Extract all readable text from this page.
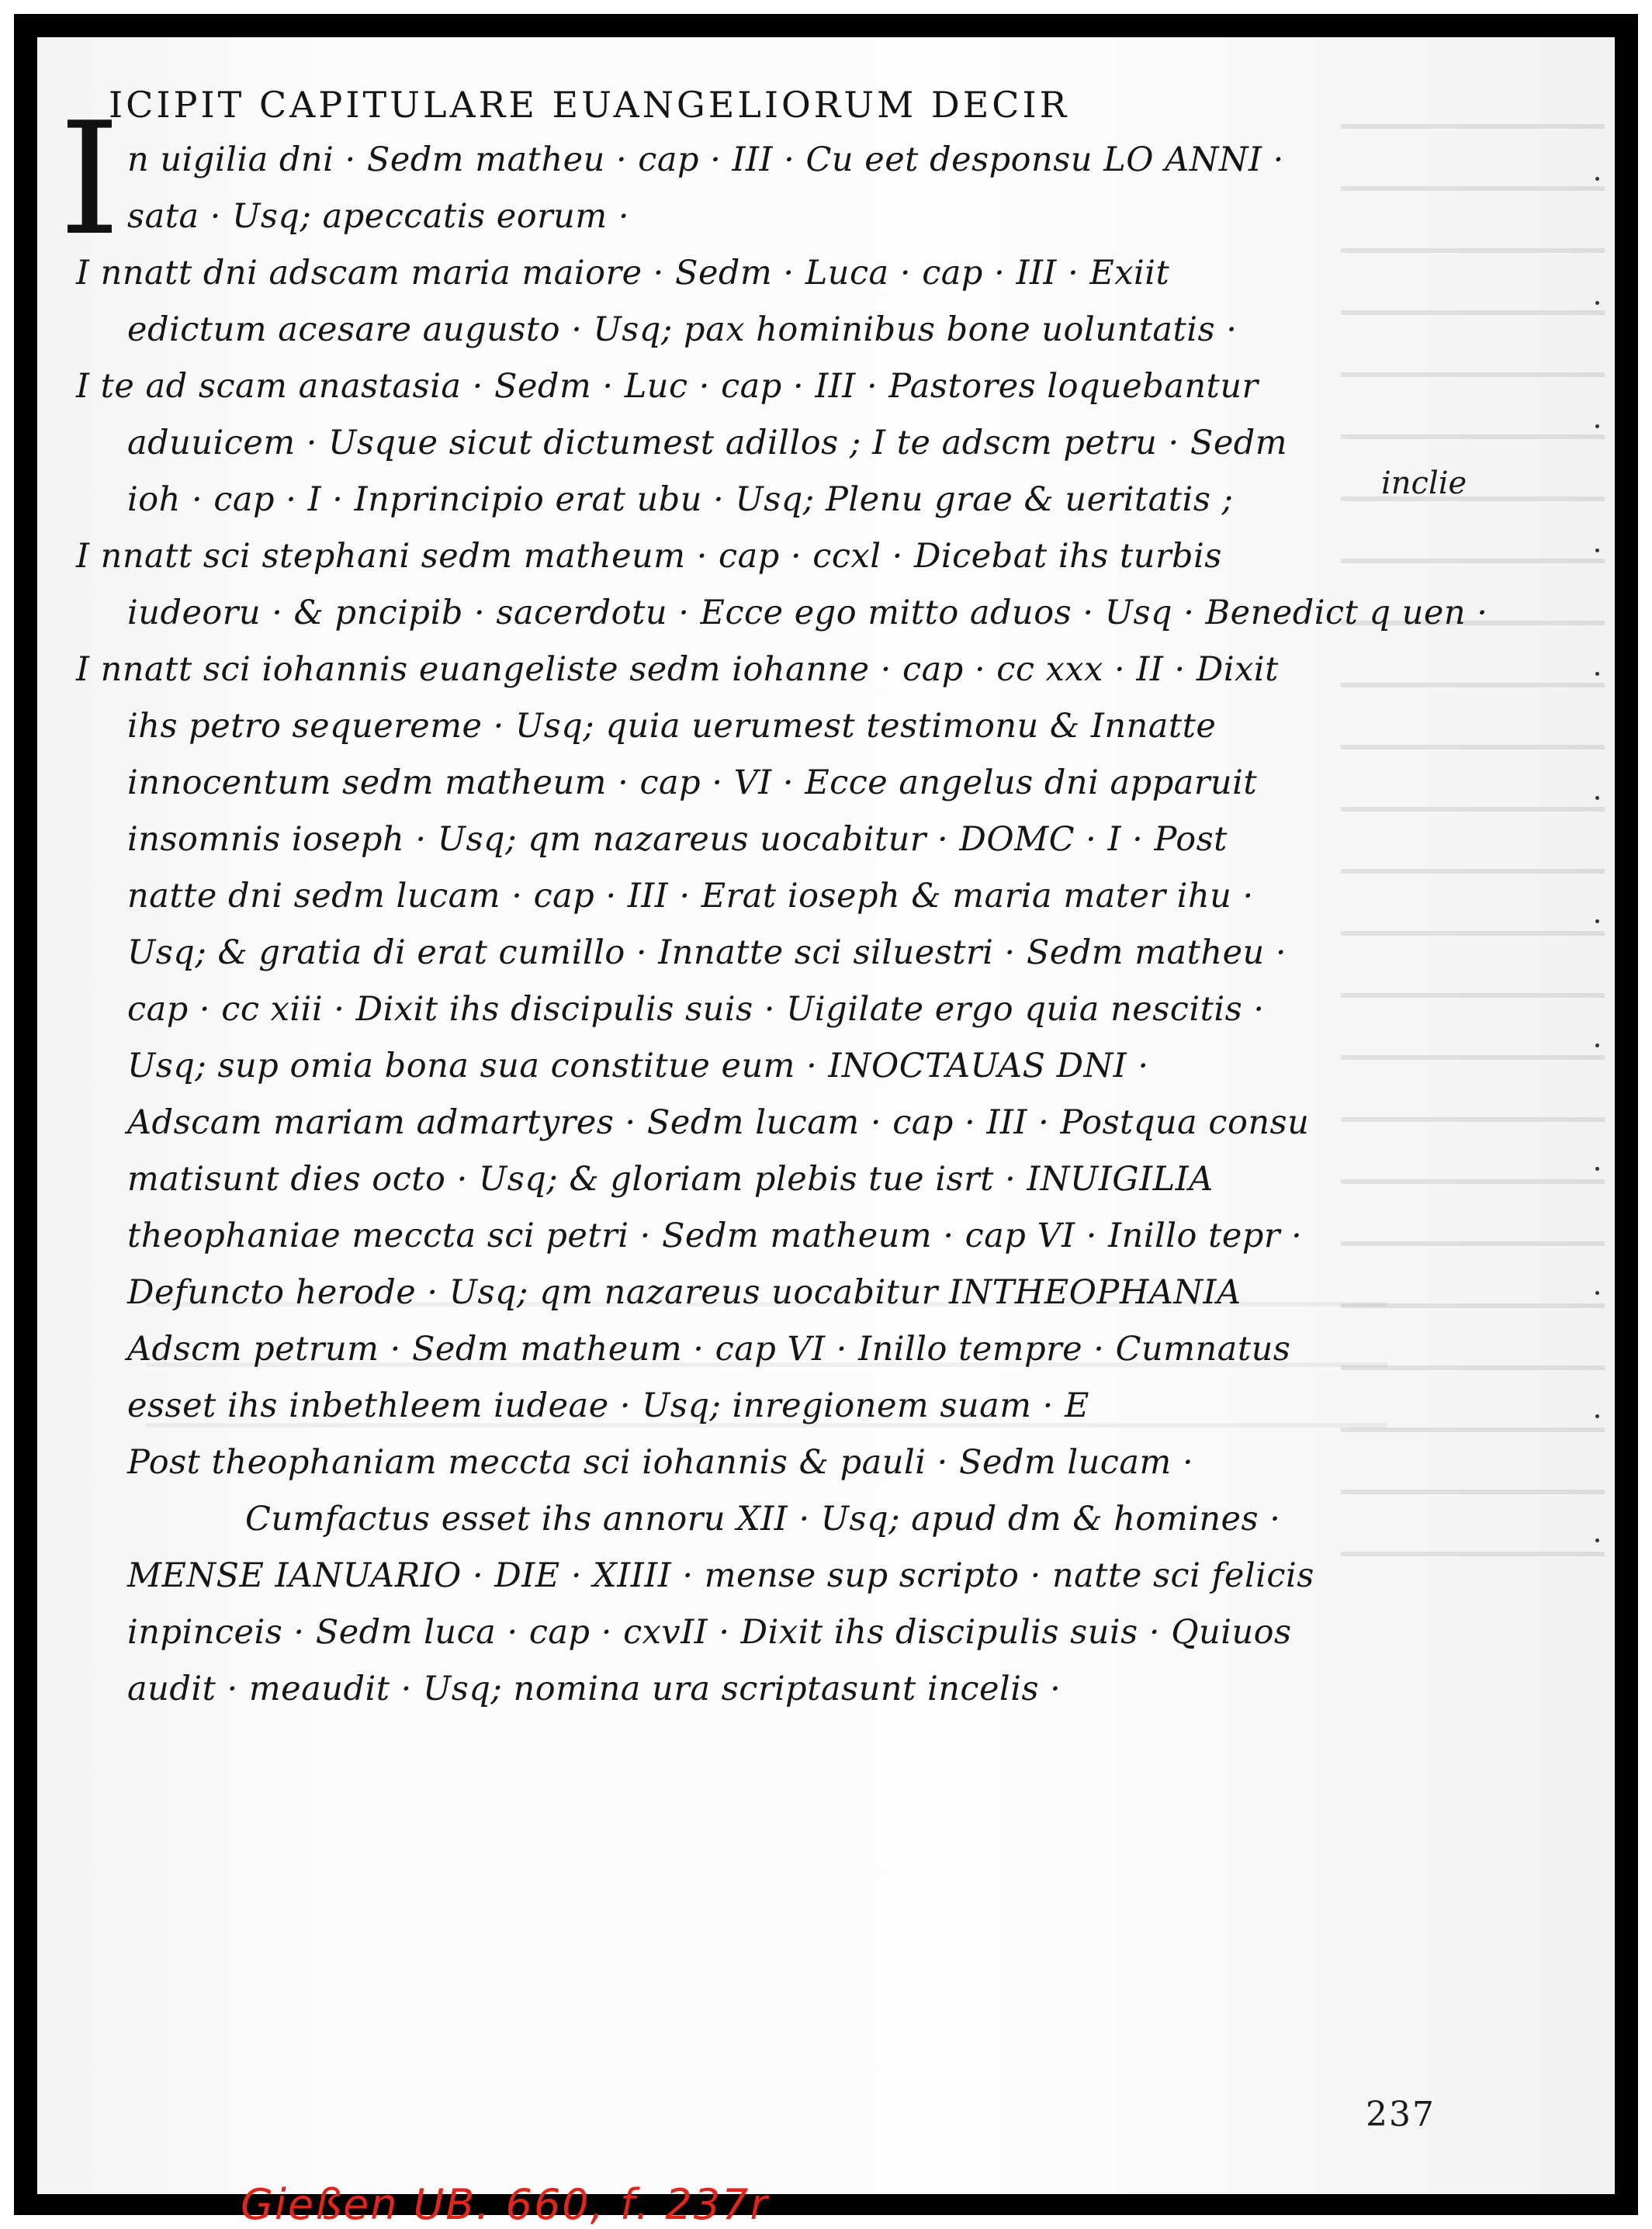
I
ICIPIT CAPITULARE EUANGELIORUM DECIR
n uigilia dni · Sedm matheu · cap · III · Cu eet desponsu LO ANNI ·
sata · Usq; apeccatis eorum ·
I nnatt dni adscam maria maiore · Sedm · Luca · cap · III · Exiit
edictum acesare augusto · Usq; pax hominibus bone uoluntatis ·
I te ad scam anastasia · Sedm · Luc · cap · III · Pastores loquebantur
aduuicem · Usque sicut dictumest adillos ; I te adscm petru · Sedm
ioh · cap · I · Inprincipio erat ubu · Usq; Plenu grae & ueritatis ;
I nnatt sci stephani sedm matheum · cap · ccxl · Dicebat ihs turbis
iudeoru · & pncipib · sacerdotu · Ecce ego mitto aduos · Usq · Benedict q uen ·
I nnatt sci iohannis euangeliste sedm iohanne · cap · cc xxx · II · Dixit
ihs petro sequereme · Usq; quia uerumest testimonu & Innatte
innocentum sedm matheum · cap · VI · Ecce angelus dni apparuit
insomnis ioseph · Usq; qm nazareus uocabitur · DOMC · I · Post
natte dni sedm lucam · cap · III · Erat ioseph & maria mater ihu ·
Usq; & gratia di erat cumillo · Innatte sci siluestri · Sedm matheu ·
cap · cc xiii · Dixit ihs discipulis suis · Uigilate ergo quia nescitis ·
Usq; sup omia bona sua constitue eum · INOCTAUAS DNI ·
Adscam mariam admartyres · Sedm lucam · cap · III · Postqua consu
matisunt dies octo · Usq; & gloriam plebis tue isrt · INUIGILIA
theophaniae meccta sci petri · Sedm matheum · cap VI · Inillo tepr ·
Defuncto herode · Usq; qm nazareus uocabitur INTHEOPHANIA
Adscm petrum · Sedm matheum · cap VI · Inillo tempre · Cumnatus
esset ihs inbethleem iudeae · Usq; inregionem suam · E
Post theophaniam meccta sci iohannis & pauli · Sedm lucam ·
Cumfactus esset ihs annoru XII · Usq; apud dm & homines ·
MENSE IANUARIO · DIE · XIIII · mense sup scripto · natte sci felicis
inpinceis · Sedm luca · cap · cxvII · Dixit ihs discipulis suis · Quiuos
audit · meaudit · Usq; nomina ura scriptasunt incelis ·
inclie
237
Gießen UB. 660, f. 237r
